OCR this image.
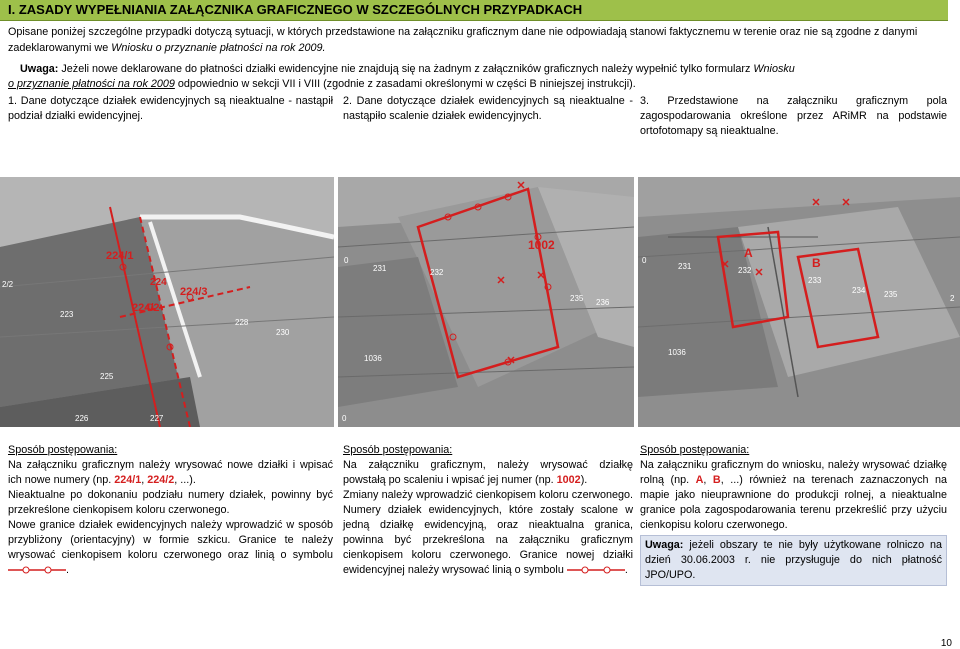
I. ZASADY WYPEŁNIANIA ZAŁĄCZNIKA GRAFICZNEGO W SZCZEGÓLNYCH PRZYPADKACH
Opisane poniżej szczególne przypadki dotyczą sytuacji, w których przedstawione na załączniku graficznym dane nie odpowiadają stanowi faktycznemu w terenie oraz nie są zgodne z danymi zadeklarowanymi we Wniosku o przyznanie płatności na rok 2009.
Uwaga: Jeżeli nowe deklarowane do płatności działki ewidencyjne nie znajdują się na żadnym z załączników graficznych należy wypełnić tylko formularz Wniosku
o przyznanie płatności na rok 2009 odpowiednio w sekcji VII i VIII (zgodnie z zasadami określonymi w części B niniejszej instrukcji).
1. Dane dotyczące działek ewidencyjnych są nieaktualne - nastąpił podział działki ewidencyjnej.
2. Dane dotyczące działek ewidencyjnych są nieaktualne - nastąpiło scalenie działek ewidencyjnych.
3. Przedstawione na załączniku graficznym pola zagospodarowania określone przez ARiMR na podstawie ortofotomapy są nieaktualne.
224/1
224
224/3
224/2
2/2
223
228
230
225
226	227
1002
0
231	232
235 236
1036
0
A
B
0
231	232
233
234 235
1036
2
Sposób postępowania:
Na załączniku graficznym należy wrysować nowe działki i wpisać ich nowe numery (np. 224/1, 224/2, ...).
Nieaktualne po dokonaniu podziału numery działek, powinny być przekreślone cienkopisem koloru czerwonego.
Nowe granice działek ewidencyjnych należy wprowadzić w sposób przybliżony (orientacyjny) w formie szkicu. Granice te należy wrysować cienkopisem koloru czerwonego oraz linią o symbolu .
Sposób postępowania:
Na załączniku graficznym, należy wrysować działkę powstałą po scaleniu i wpisać jej numer (np. 1002).
Zmiany należy wprowadzić cienkopisem koloru czerwonego. Numery działek ewidencyjnych, które zostały scalone w jedną działkę ewidencyjną, oraz nieaktualna granica, powinna być przekreślona na załączniku graficznym cienkopisem koloru czerwonego. Granice nowej działki ewidencyjnej należy wrysować linią o symbolu	.
Sposób postępowania:
Na załączniku graficznym do wniosku, należy wrysować działkę rolną (np. A, B, ...) również na terenach zaznaczonych na mapie jako nieuprawnione do produkcji rolnej, a nieaktualne granice pola zagospodarowania terenu przekreślić przy użyciu cienkopisu koloru czerwonego.
Uwaga: jeżeli obszary te nie były użytkowane rolniczo na dzień 30.06.2003 r. nie przysługuje do nich płatność JPO/UPO.
10
